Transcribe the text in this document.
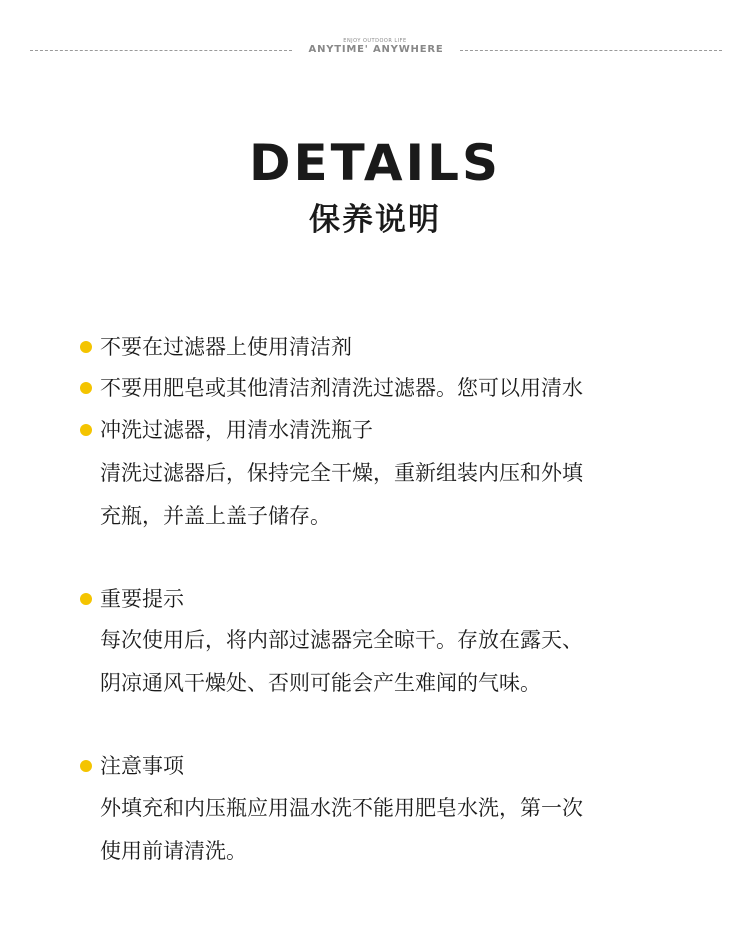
ENJOY OUTDOOR LIFE
ANYTIME' ANYWHERE
DETAILS
保养说明
不要在过滤器上使用清洁剂
不要用肥皂或其他清洁剂清洗过滤器。您可以用清水
冲洗过滤器，用清水清洗瓶子
清洗过滤器后，保持完全干燥，重新组装内压和外填
充瓶，并盖上盖子储存。
重要提示
每次使用后，将内部过滤器完全晾干。存放在露天、
阴凉通风干燥处、否则可能会产生难闻的气味。
注意事项
外填充和内压瓶应用温水洗不能用肥皂水洗，第一次
使用前请清洗。
